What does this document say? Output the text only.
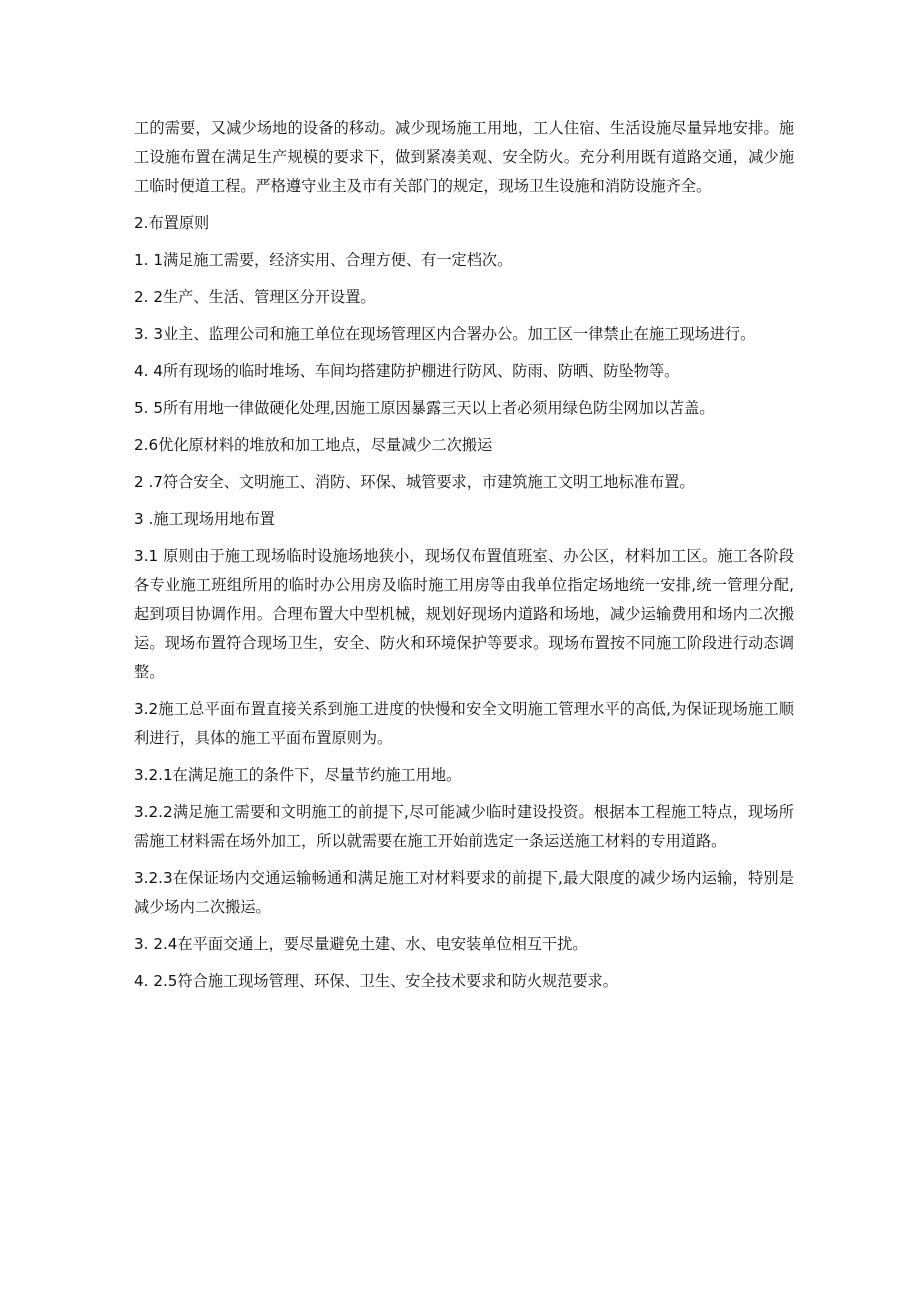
工的需要，又减少场地的设备的移动。减少现场施工用地，工人住宿、生活设施尽量异地安排。施工设施布置在满足生产规模的要求下，做到紧凑美观、安全防火。充分利用既有道路交通，减少施工临时便道工程。严格遵守业主及市有关部门的规定，现场卫生设施和消防设施齐全。

2.布置原则

1. 1满足施工需要，经济实用、合理方便、有一定档次。

2. 2生产、生活、管理区分开设置。

3. 3业主、监理公司和施工单位在现场管理区内合署办公。加工区一律禁止在施工现场进行。

4. 4所有现场的临时堆场、车间均搭建防护棚进行防风、防雨、防晒、防坠物等。

5. 5所有用地一律做硬化处理,因施工原因暴露三天以上者必须用绿色防尘网加以苫盖。

2.6优化原材料的堆放和加工地点，尽量减少二次搬运

2 .7符合安全、文明施工、消防、环保、城管要求，市建筑施工文明工地标准布置。

3 .施工现场用地布置

3.1 原则由于施工现场临时设施场地狭小，现场仅布置值班室、办公区，材料加工区。施工各阶段各专业施工班组所用的临时办公用房及临时施工用房等由我单位指定场地统一安排,统一管理分配,起到项目协调作用。合理布置大中型机械，规划好现场内道路和场地，减少运输费用和场内二次搬运。现场布置符合现场卫生，安全、防火和环境保护等要求。现场布置按不同施工阶段进行动态调整。

3.2施工总平面布置直接关系到施工进度的快慢和安全文明施工管理水平的高低,为保证现场施工顺利进行，具体的施工平面布置原则为。

3.2.1在满足施工的条件下，尽量节约施工用地。

3.2.2满足施工需要和文明施工的前提下,尽可能减少临时建设投资。根据本工程施工特点，现场所需施工材料需在场外加工，所以就需要在施工开始前选定一条运送施工材料的专用道路。

3.2.3在保证场内交通运输畅通和满足施工对材料要求的前提下,最大限度的减少场内运输，特别是减少场内二次搬运。

3. 2.4在平面交通上，要尽量避免土建、水、电安装单位相互干扰。

4. 2.5符合施工现场管理、环保、卫生、安全技术要求和防火规范要求。
